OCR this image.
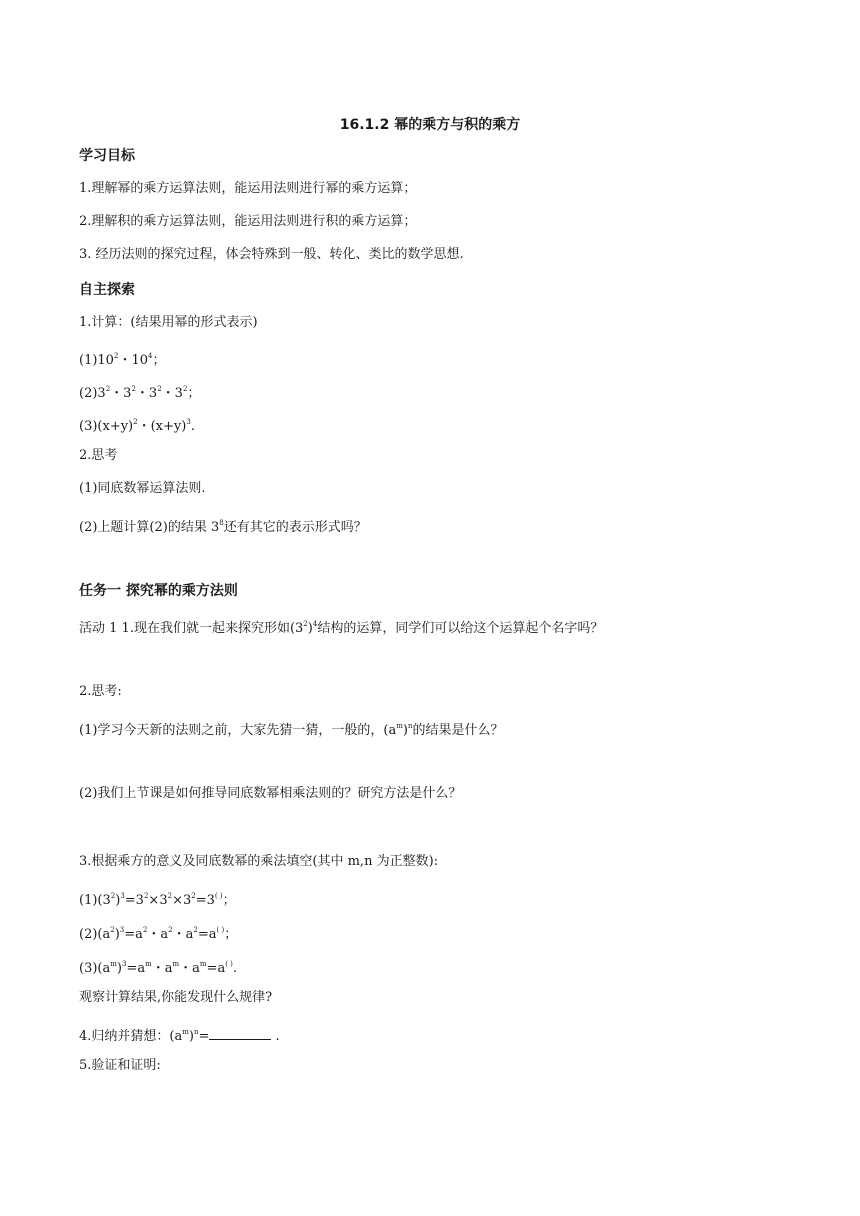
16.1.2 幂的乘方与积的乘方
学习目标
1.理解幂的乘方运算法则，能运用法则进行幂的乘方运算；
2.理解积的乘方运算法则，能运用法则进行积的乘方运算；
3. 经历法则的探究过程，体会特殊到一般、转化、类比的数学思想.
自主探索
1.计算：(结果用幂的形式表示)
$(1)10^2$・$10^4$；
$(2)3^2$・$3^2$・$3^2$・$3^2$；
$(3)(x+y)^2$・$(x+y)^3$.
2.思考
(1)同底数幂运算法则.
(2)上题计算(2)的结果 $3^8$还有其它的表示形式吗？
任务一 探究幂的乘方法则
活动 1 1.现在我们就一起来探究形如$(3^2)^4$结构的运算，同学们可以给这个运算起个名字吗？
2.思考:
(1)学习今天新的法则之前，大家先猜一猜，一般的，$(a^m)^n$的结果是什么？
(2)我们上节课是如何推导同底数幂相乘法则的？研究方法是什么？
3.根据乘方的意义及同底数幂的乘法填空(其中 m,n 为正整数):
$(1)(3^2)^3=3^2\times 3^2\times 3^2=3^{( )}$；
$(2)(a^2)^3=a^2$・$a^2$・$a^2=a^{( )}$；
$(3)(a^m)^3=a^m$・$a^m$・$a^m=a^{( )}$.
观察计算结果,你能发现什么规律?
4.归纳并猜想：$(a^m)^n=$	.
5.验证和证明:
